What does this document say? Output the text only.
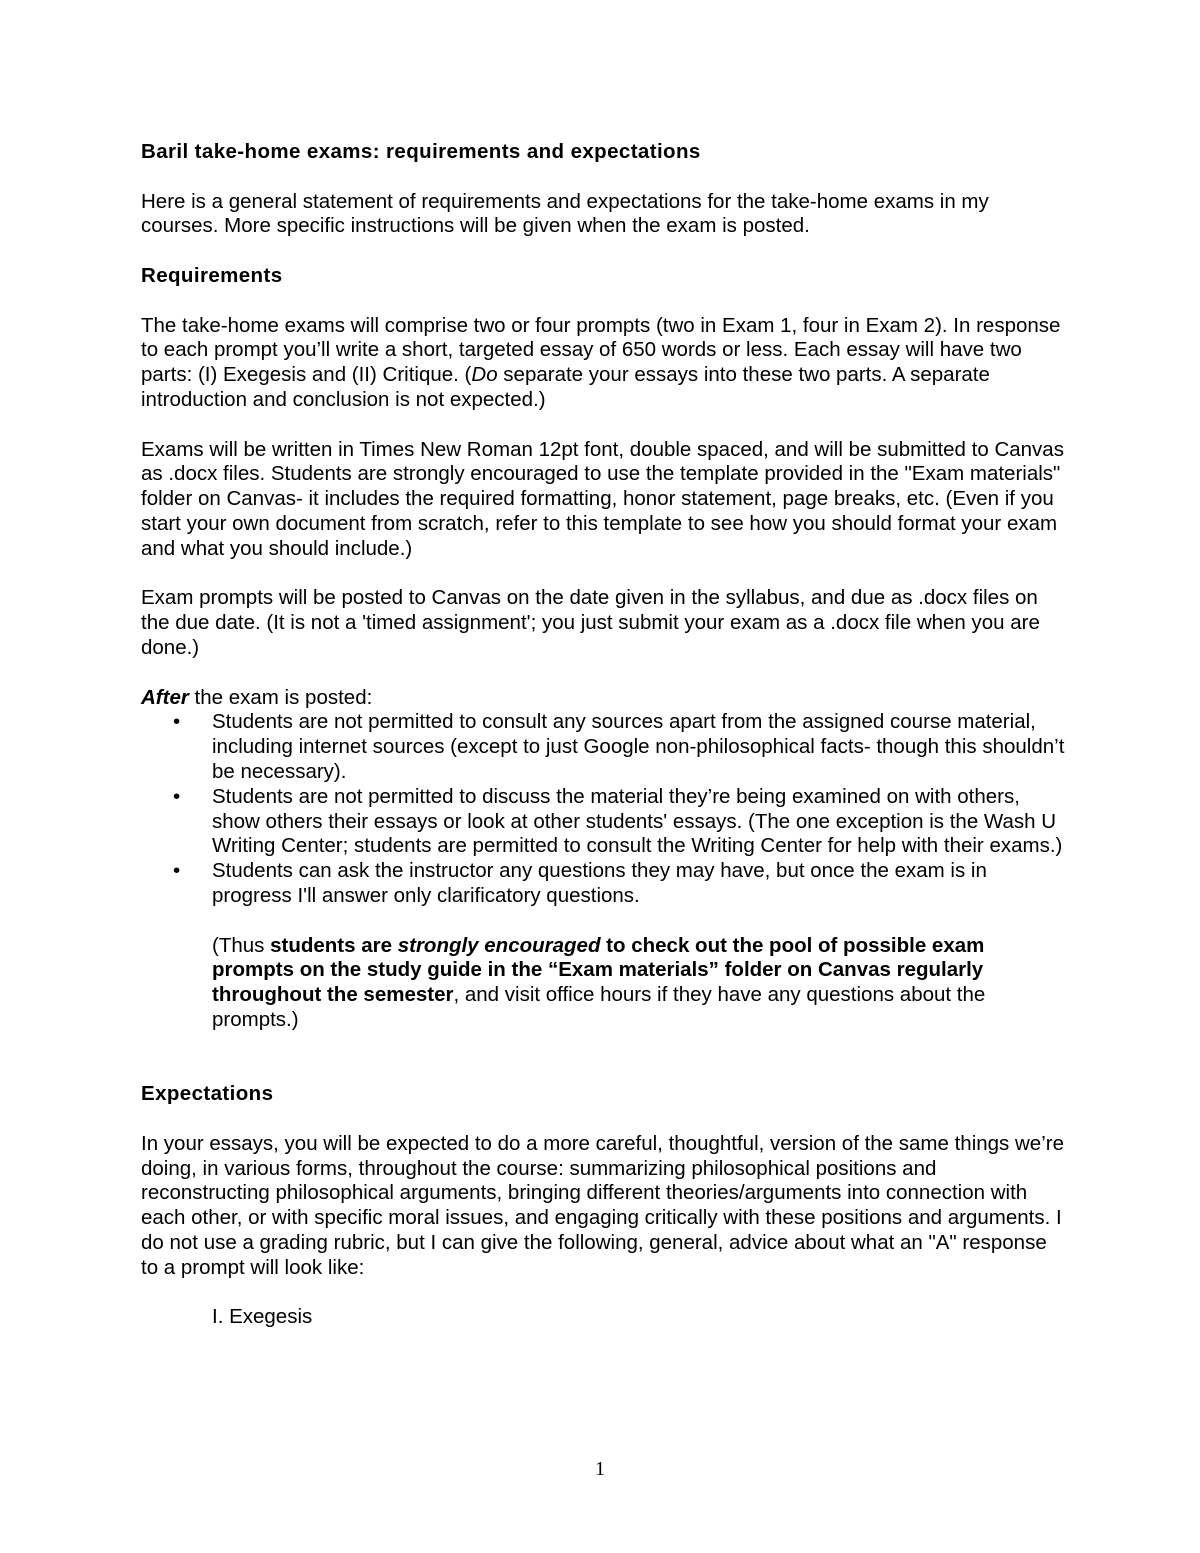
Baril take-home exams: requirements and expectations

Here is a general statement of requirements and expectations for the take-home exams in my courses. More specific instructions will be given when the exam is posted.

Requirements

The take-home exams will comprise two or four prompts (two in Exam 1, four in Exam 2). In response to each prompt you’ll write a short, targeted essay of 650 words or less. Each essay will have two parts: (I) Exegesis and (II) Critique. (Do separate your essays into these two parts. A separate introduction and conclusion is not expected.)

Exams will be written in Times New Roman 12pt font, double spaced, and will be submitted to Canvas as .docx files. Students are strongly encouraged to use the template provided in the "Exam materials" folder on Canvas- it includes the required formatting, honor statement, page breaks, etc. (Even if you start your own document from scratch, refer to this template to see how you should format your exam and what you should include.)

Exam prompts will be posted to Canvas on the date given in the syllabus, and due as .docx files on the due date. (It is not a 'timed assignment'; you just submit your exam as a .docx file when you are done.)

After the exam is posted:

• Students are not permitted to consult any sources apart from the assigned course material, including internet sources (except to just Google non-philosophical facts- though this shouldn’t be necessary).
• Students are not permitted to discuss the material they’re being examined on with others, show others their essays or look at other students' essays. (The one exception is the Wash U Writing Center; students are permitted to consult the Writing Center for help with their exams.)
• Students can ask the instructor any questions they may have, but once the exam is in progress I'll answer only clarificatory questions.

(Thus students are strongly encouraged to check out the pool of possible exam prompts on the study guide in the “Exam materials” folder on Canvas regularly throughout the semester, and visit office hours if they have any questions about the prompts.)

Expectations

In your essays, you will be expected to do a more careful, thoughtful, version of the same things we’re doing, in various forms, throughout the course: summarizing philosophical positions and reconstructing philosophical arguments, bringing different theories/arguments into connection with each other, or with specific moral issues, and engaging critically with these positions and arguments. I do not use a grading rubric, but I can give the following, general, advice about what an "A" response to a prompt will look like:

I. Exegesis

1
